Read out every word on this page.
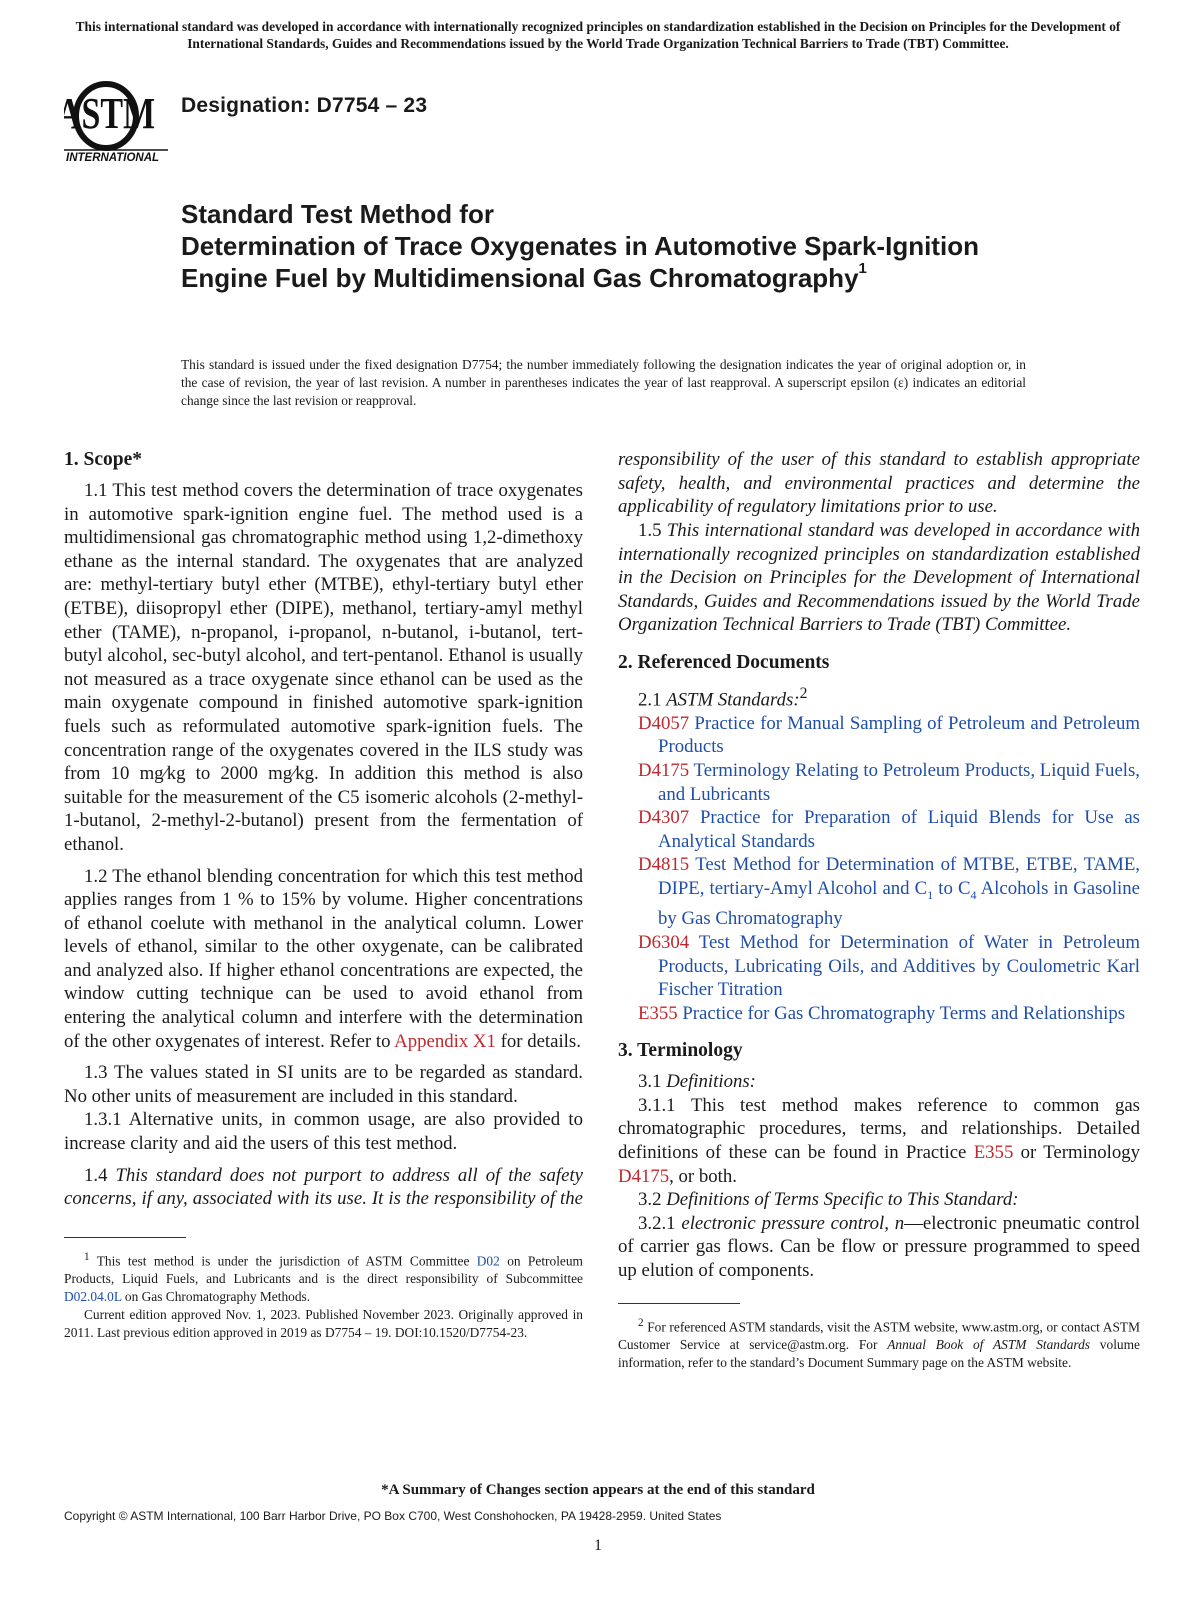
This international standard was developed in accordance with internationally recognized principles on standardization established in the Decision on Principles for the Development of International Standards, Guides and Recommendations issued by the World Trade Organization Technical Barriers to Trade (TBT) Committee.
ASTM
INTERNATIONAL
Designation: D7754 – 23
Standard Test Method for
Determination of Trace Oxygenates in Automotive Spark-Ignition Engine Fuel by Multidimensional Gas Chromatography$^1$
This standard is issued under the fixed designation D7754; the number immediately following the designation indicates the year of original adoption or, in the case of revision, the year of last revision. A number in parentheses indicates the year of last reapproval. A superscript epsilon (ε) indicates an editorial change since the last revision or reapproval.
1. Scope*

1.1 This test method covers the determination of trace oxygenates in automotive spark-ignition engine fuel. The method used is a multidimensional gas chromatographic method using 1,2-dimethoxy ethane as the internal standard. The oxygenates that are analyzed are: methyl-tertiary butyl ether (MTBE), ethyl-tertiary butyl ether (ETBE), diisopropyl ether (DIPE), methanol, tertiary-amyl methyl ether (TAME), n-propanol, i-propanol, n-butanol, i-butanol, tert-butyl alcohol, sec-butyl alcohol, and tert-pentanol. Ethanol is usually not measured as a trace oxygenate since ethanol can be used as the main oxygenate compound in finished automotive spark-ignition fuels such as reformulated automotive spark-ignition fuels. The concentration range of the oxygenates covered in the ILS study was from 10 mg⁄kg to 2000 mg⁄kg. In addition this method is also suitable for the measurement of the C5 isomeric alcohols (2-methyl-1-butanol, 2-methyl-2-butanol) present from the fermentation of ethanol.

1.2 The ethanol blending concentration for which this test method applies ranges from 1 % to 15% by volume. Higher concentrations of ethanol coelute with methanol in the analytical column. Lower levels of ethanol, similar to the other oxygenate, can be calibrated and analyzed also. If higher ethanol concentrations are expected, the window cutting technique can be used to avoid ethanol from entering the analytical column and interfere with the determination of the other oxygenates of interest. Refer to Appendix X1 for details.

1.3 The values stated in SI units are to be regarded as standard. No other units of measurement are included in this standard.

1.3.1 Alternative units, in common usage, are also provided to increase clarity and aid the users of this test method.

1.4 This standard does not purport to address all of the safety concerns, if any, associated with its use. It is the responsibility of the

$^1$ This test method is under the jurisdiction of ASTM Committee D02 on Petroleum Products, Liquid Fuels, and Lubricants and is the direct responsibility of Subcommittee D02.04.0L on Gas Chromatography Methods.

Current edition approved Nov. 1, 2023. Published November 2023. Originally approved in 2011. Last previous edition approved in 2019 as D7754 – 19. DOI:10.1520/D7754-23.

responsibility of the user of this standard to establish appropriate safety, health, and environmental practices and determine the applicability of regulatory limitations prior to use.

1.5 This international standard was developed in accordance with internationally recognized principles on standardization established in the Decision on Principles for the Development of International Standards, Guides and Recommendations issued by the World Trade Organization Technical Barriers to Trade (TBT) Committee.

2. Referenced Documents

2.1 ASTM Standards:$^2$

D4057 Practice for Manual Sampling of Petroleum and Petroleum Products
D4175 Terminology Relating to Petroleum Products, Liquid Fuels, and Lubricants
D4307 Practice for Preparation of Liquid Blends for Use as Analytical Standards
D4815 Test Method for Determination of MTBE, ETBE, TAME, DIPE, tertiary-Amyl Alcohol and $C_1$ to $C_4$ Alcohols in Gasoline by Gas Chromatography
D6304 Test Method for Determination of Water in Petroleum Products, Lubricating Oils, and Additives by Coulometric Karl Fischer Titration
E355 Practice for Gas Chromatography Terms and Relationships
3. Terminology

3.1 Definitions:

3.1.1 This test method makes reference to common gas chromatographic procedures, terms, and relationships. Detailed definitions of these can be found in Practice E355 or Terminology D4175, or both.

3.2 Definitions of Terms Specific to This Standard:

3.2.1 electronic pressure control, n—electronic pneumatic control of carrier gas flows. Can be flow or pressure programmed to speed up elution of components.

$^2$ For referenced ASTM standards, visit the ASTM website, www.astm.org, or contact ASTM Customer Service at service@astm.org. For Annual Book of ASTM Standards volume information, refer to the standard’s Document Summary page on the ASTM website.

*A Summary of Changes section appears at the end of this standard
Copyright © ASTM International, 100 Barr Harbor Drive, PO Box C700, West Conshohocken, PA 19428-2959. United States
1
